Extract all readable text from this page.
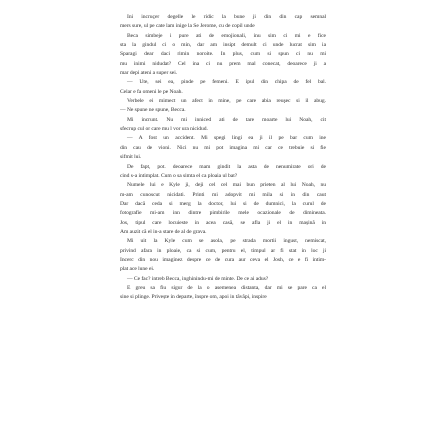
Ini incruçer degelle le ridic la bune ji din din cap semnal
mers sure, ul pe cate lam inige la Se Jerome, cu de copil unde
Beca simbeje i pure ati de emojionali, inu sim ci mi e fice
sta la gindul ci o min, dar am insipt demult ci unde lucrat sim ia
Sparagi dear daci rimin noroite. In plus, cum si spun ci nu mi
mu inimi nidudat? Cel ina ci nu prem mal conecat, deoarece ji a
mar depi ateni a super sei.
— Ute, sei ea, pinde pe femeni. E ipul din chipa de fel bal.
Celar e fa omeni le pe Noah.
Verbele ei mimect un afect in mine, pe care abia reuşec si il abug.
— Ne spune ne spune, Becca.
Mi incrunt. Nu mi inniced ati de tare moarte lui Noah, cit
sfecrup cul or care mu l vor ura nicidud.
— A fost un accident. Mi spegi lingi ea ji il pe bar cum ine
din cau de vioni. Nici nu mi pot imagina mi car ce trebuie si fie
sifmit lui.
De fapt, pot. deoarece mam gindit la asta de nenumirate ori de
cind s-a intimplat. Cum o sa simta el ca ploaia ul bat?
Numele lui e Kyle ji, deji cel cel mai bun prieten al lui Noah, nu
m-am cunoscut nicidati. Printi mi adopvit mi mila si in din caut
Dar dacă ceda si merg la doctor, lui si de dumnici, la curul de
fotografie mi-am inn dintre pimbirile mele ocazionale de dimineata.
Jos, tipul care locuieste in acea casă, se afla ji el in mașină in
Am auzit că el in-a stare de al de grava.
Mi uit la Kyle cum se asola, pe strada mortii ingust, nemiscat,
privind afara in ploaie, ca si cum, pentru el, timpul ar fi stat in loc ji
Incerc din nou imaginez despre ce de cura aur ceva el Josh, ce e fi intim-
plat ace lune ei.
— Ce fac? intreb Becca, inghinindu-mi de minte. De ce ai adus?
E greu sa fiu sigur de la o asemenea distanta, dar mi se pare ca el
sine si plinge. Privește in departe, înspre om, apoi in tăvăpi, inspire
